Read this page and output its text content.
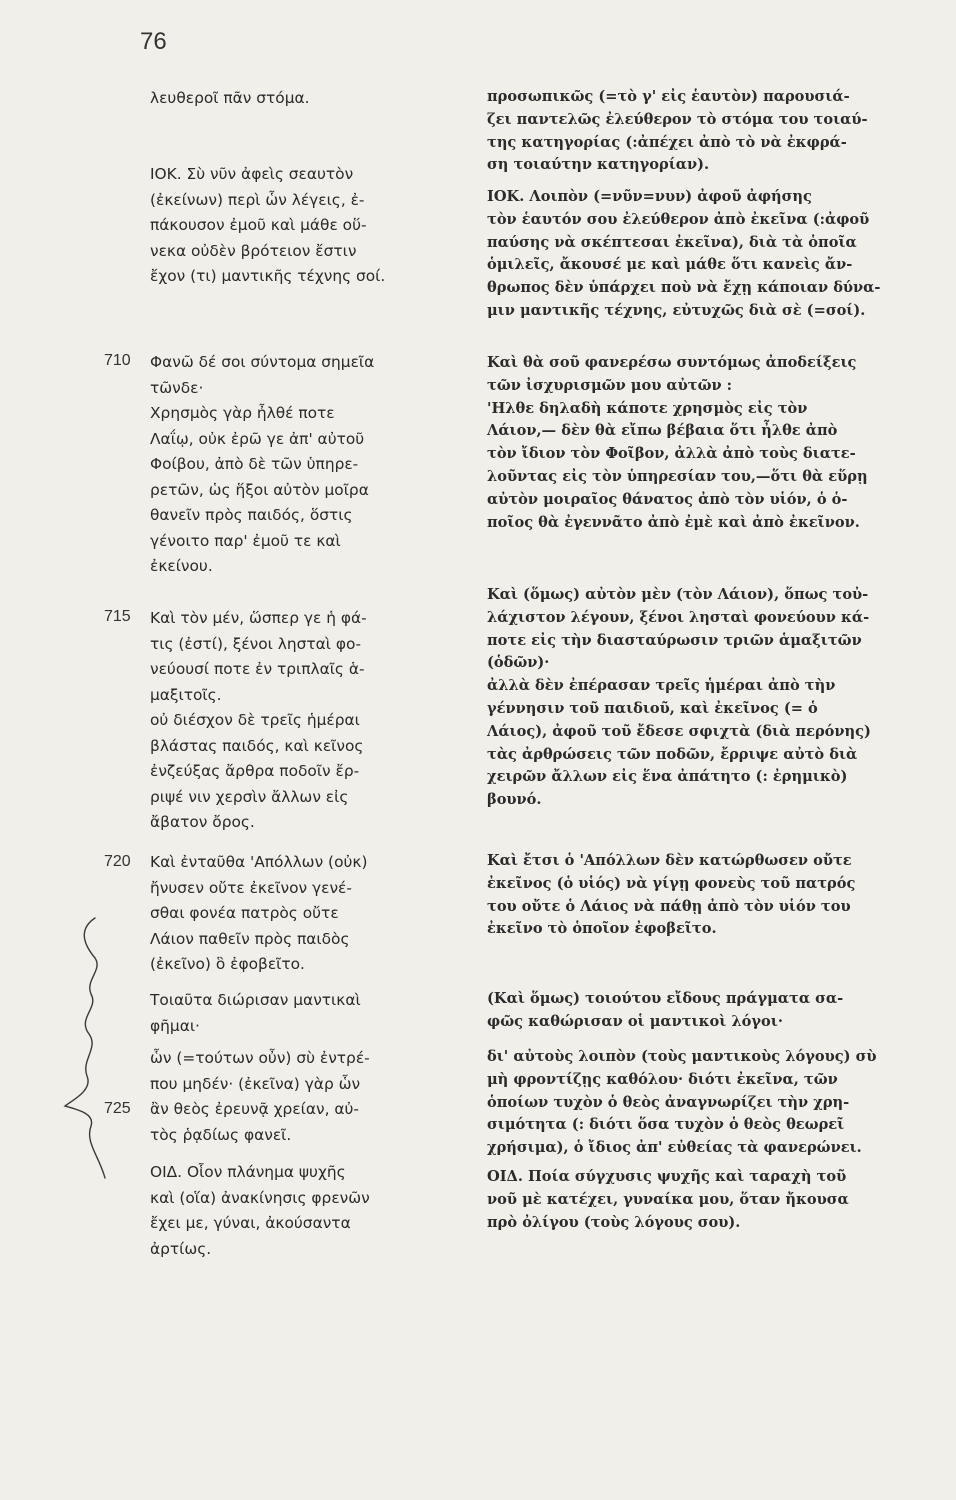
76
710
715
720
725
λευθεροῖ πᾶν στόμα.
ΙΟΚ. Σὺ νῦν ἀφεὶς σεαυτὸν
(ἐκείνων) περὶ ὧν λέγεις, ἐ-
πάκουσον ἐμοῦ καὶ μάθε οὕ-
νεκα οὐδὲν βρότειον ἔστιν
ἔχον (τι) μαντικῆς τέχνης σοί.
Φανῶ δέ σοι σύντομα σημεῖα
τῶνδε·
Χρησμὸς γὰρ ἦλθέ ποτε
Λαΐῳ, οὐκ ἐρῶ γε ἀπ' αὐτοῦ
Φοίβου, ἀπὸ δὲ τῶν ὑπηρε-
ρετῶν, ὡς ἥξοι αὐτὸν μοῖρα
θανεῖν πρὸς παιδός, ὅστις
γένοιτο παρ' ἐμοῦ τε καὶ
ἐκείνου.
Καὶ τὸν μέν, ὥσπερ γε ἡ φά-
τις (ἐστί), ξένοι λησταὶ φο-
νεύουσί ποτε ἐν τριπλαῖς ἁ-
μαξιτοῖς.
οὐ διέσχον δὲ τρεῖς ἡμέραι
βλάστας παιδός, καὶ κεῖνος
ἐνζεύξας ἄρθρα ποδοῖν ἔρ-
ριψέ νιν χερσὶν ἄλλων εἰς
ἄβατον ὄρος.
Καὶ ἐνταῦθα 'Απόλλων (οὐκ)
ἤνυσεν οὔτε ἐκεῖνον γενέ-
σθαι φονέα πατρὸς οὔτε
Λάιον παθεῖν πρὸς παιδὸς
(ἐκεῖνο) ὃ ἐφοβεῖτο.
Τοιαῦτα διώρισαν μαντικαὶ
φῆμαι·
ὧν (=τούτων οὖν) σὺ ἐντρέ-
που μηδέν· (ἐκεῖνα) γὰρ ὧν
ἂν θεὸς ἐρευνᾷ χρείαν, αὐ-
τὸς ῥᾳδίως φανεῖ.
ΟΙΔ. Οἷον πλάνημα ψυχῆς
καὶ (οἵα) ἀνακίνησις φρενῶν
ἔχει με, γύναι, ἀκούσαντα
ἀρτίως.
προσωπικῶς (=τὸ γ' εἰς ἑαυτὸν) παρουσιά-
ζει παντελῶς ἐλεύθερον τὸ στόμα του τοιαύ-
της κατηγορίας (:ἀπέχει ἀπὸ τὸ νὰ ἐκφρά-
ση τοιαύτην κατηγορίαν).
ΙΟΚ. Λοιπὸν (=νῦν=νυν) ἀφοῦ ἀφήσης
τὸν ἑαυτόν σου ἐλεύθερον ἀπὸ ἐκεῖνα (:ἀφοῦ
παύσης νὰ σκέπτεσαι ἐκεῖνα), διὰ τὰ ὁποῖα
ὁμιλεῖς, ἄκουσέ με καὶ μάθε ὅτι κανεὶς ἄν-
θρωπος δὲν ὑπάρχει ποὺ νὰ ἔχῃ κάποιαν δύνα-
μιν μαντικῆς τέχνης, εὐτυχῶς διὰ σὲ (=σοί).
Καὶ θὰ σοῦ φανερέσω συντόμως ἀποδείξεις
τῶν ἰσχυρισμῶν μου αὐτῶν :
'Ηλθε δηλαδὴ κάποτε χρησμὸς εἰς τὸν
Λάιον,— δὲν θὰ εἴπω βέβαια ὅτι ἦλθε ἀπὸ
τὸν ἴδιον τὸν Φοῖβον, ἀλλὰ ἀπὸ τοὺς διατε-
λοῦντας εἰς τὸν ὑπηρεσίαν του,—ὅτι θὰ εὕρῃ
αὐτὸν μοιραῖος θάνατος ἀπὸ τὸν υἱόν, ὁ ὁ-
ποῖος θὰ ἐγεννᾶτο ἀπὸ ἐμὲ καὶ ἀπὸ ἐκεῖνον.
Καὶ (ὅμως) αὐτὸν μὲν (τὸν Λάιον), ὅπως τοὐ-
λάχιστον λέγουν, ξένοι λησταὶ φονεύουν κά-
ποτε εἰς τὴν διασταύρωσιν τριῶν ἁμαξιτῶν
(ὁδῶν)·
ἀλλὰ δὲν ἐπέρασαν τρεῖς ἡμέραι ἀπὸ τὴν
γέννησιν τοῦ παιδιοῦ, καὶ ἐκεῖνος (= ὁ
Λάιος), ἀφοῦ τοῦ ἔδεσε σφιχτὰ (διὰ περόνης)
τὰς ἀρθρώσεις τῶν ποδῶν, ἔρριψε αὐτὸ διὰ
χειρῶν ἄλλων εἰς ἕνα ἀπάτητο (: ἐρημικὸ)
βουνό.
Καὶ ἔτσι ὁ 'Απόλλων δὲν κατώρθωσεν οὔτε
ἐκεῖνος (ὁ υἱός) νὰ γίγῃ φονεὺς τοῦ πατρός
του οὔτε ὁ Λάιος νὰ πάθῃ ἀπὸ τὸν υἱόν του
ἐκεῖνο τὸ ὁποῖον ἐφοβεῖτο.
(Καὶ ὅμως) τοιούτου εἴδους πράγματα σα-
φῶς καθώρισαν οἱ μαντικοὶ λόγοι·
δι' αὐτοὺς λοιπὸν (τοὺς μαντικοὺς λόγους) σὺ
μὴ φροντίζῃς καθόλου· διότι ἐκεῖνα, τῶν
ὁποίων τυχὸν ὁ θεὸς ἀναγνωρίζει τὴν χρη-
σιμότητα (: διότι ὅσα τυχὸν ὁ θεὸς θεωρεῖ
χρήσιμα), ὁ ἴδιος ἀπ' εὐθείας τὰ φανερώνει.
ΟΙΔ. Ποία σύγχυσις ψυχῆς καὶ ταραχὴ τοῦ
νοῦ μὲ κατέχει, γυναίκα μου, ὅταν ἤκουσα
πρὸ ὀλίγου (τοὺς λόγους σου).
